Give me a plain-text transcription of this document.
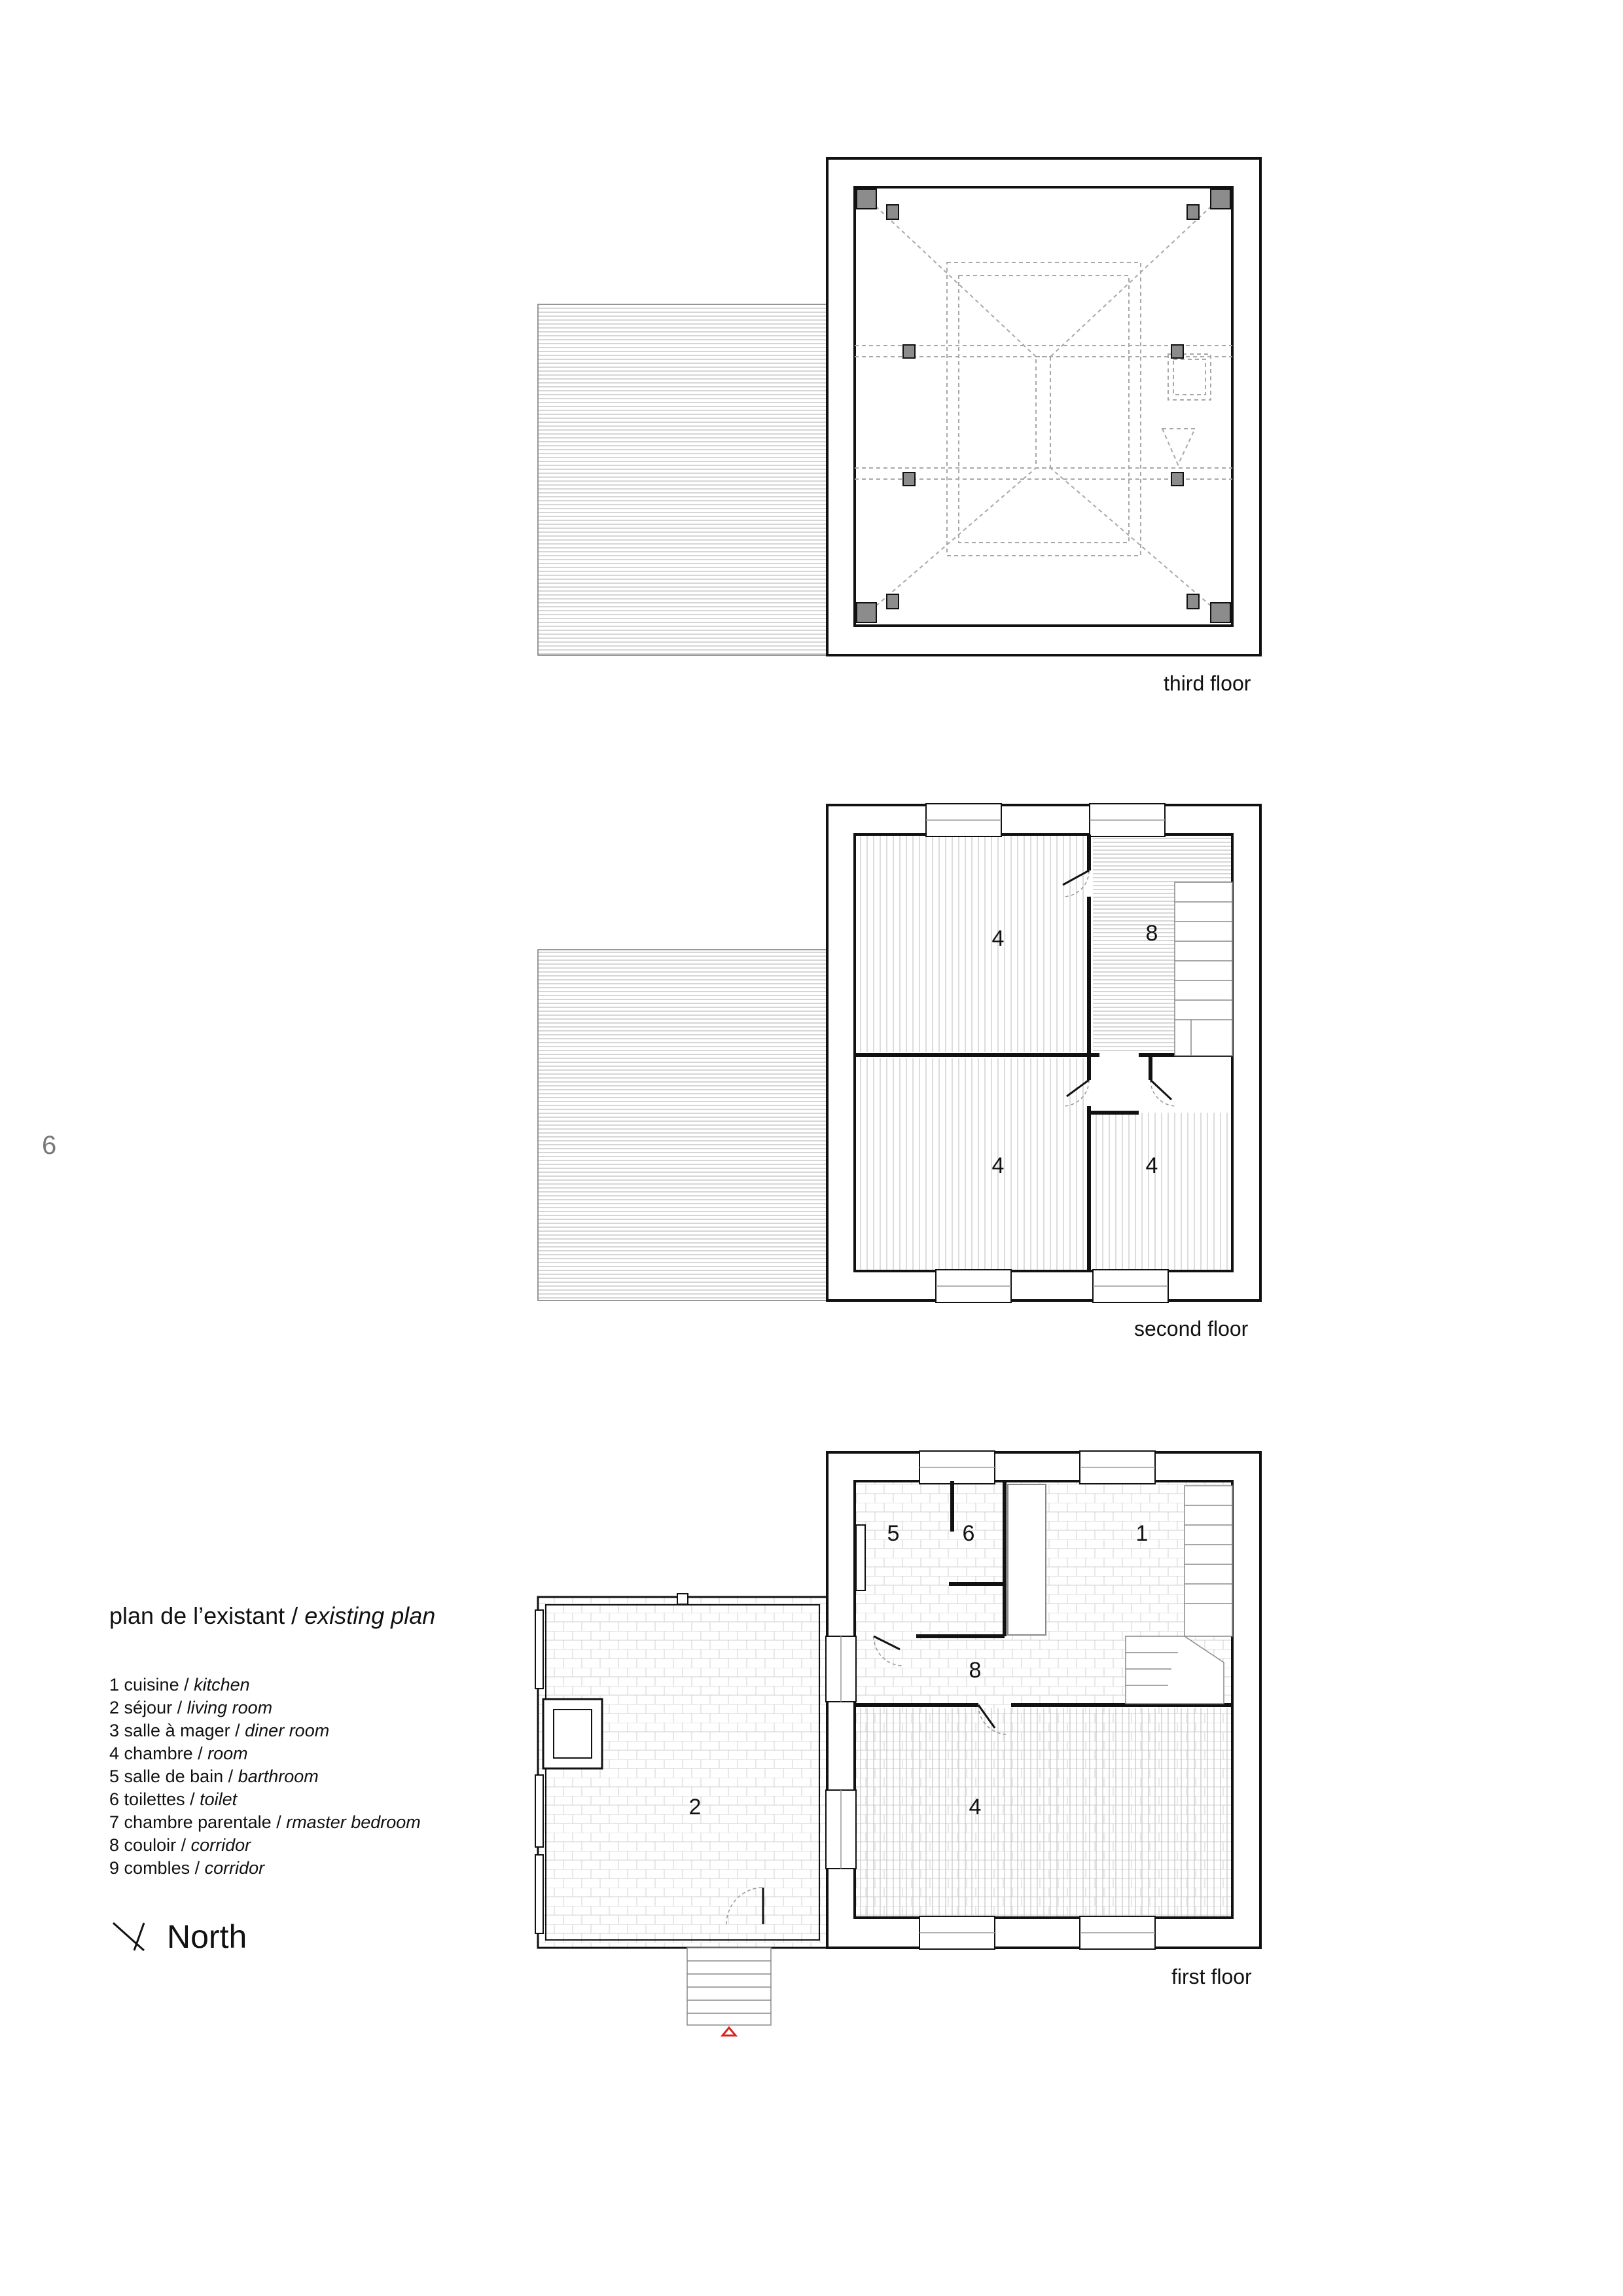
4	8
4	4
5	6	1
8
2	4
6
third floor
second floor
first floor
plan de l’existant / existing plan
1 cuisine / kitchen
2 séjour / living room
3 salle à mager / diner room
4 chambre / room
5 salle de bain / barthroom
6 toilettes / toilet
7 chambre parentale / rmaster bedroom
8 couloir / corridor
9 combles / corridor
North
